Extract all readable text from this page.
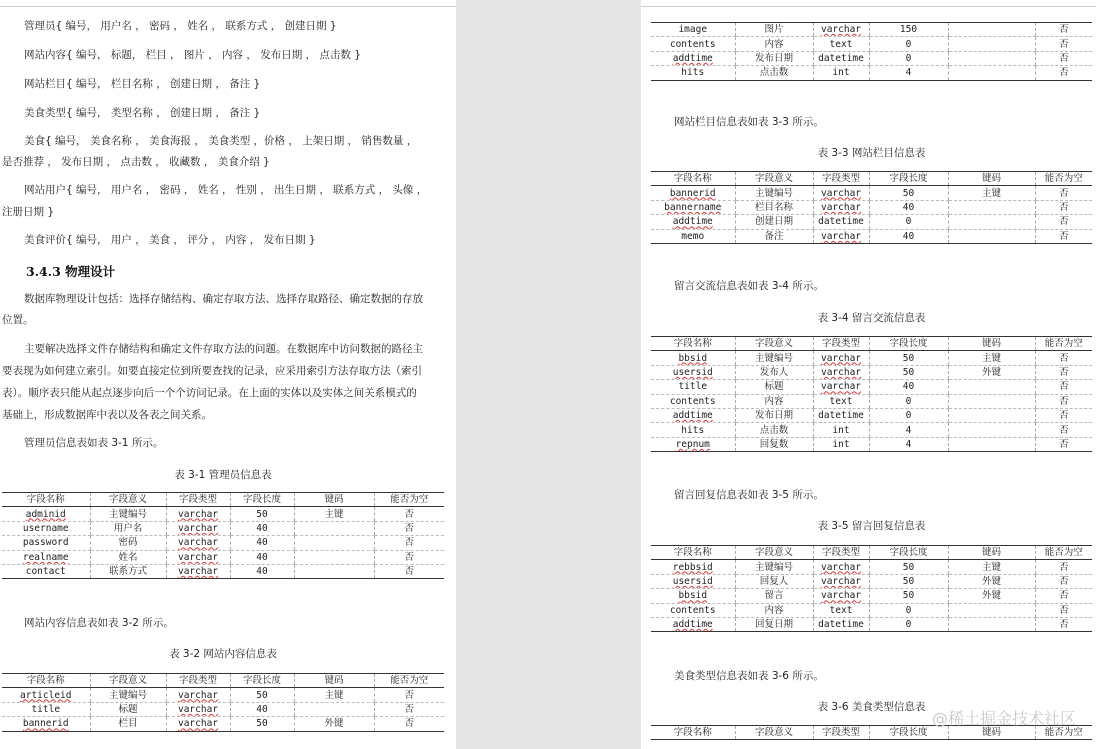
管理员{ 编号， 用户名 ， 密码 ， 姓名 ， 联系方式 ， 创建日期 }
网站内容{ 编号， 标题， 栏目 ， 图片 ， 内容 ， 发布日期 ， 点击数 }
网站栏目{ 编号， 栏目名称 ， 创建日期 ， 备注 }
美食类型{ 编号， 类型名称 ， 创建日期 ， 备注 }
美食{ 编号， 美食名称 ， 美食海报 ， 美食类型 ，价格 ， 上架日期 ， 销售数量 ，
是否推荐 ， 发布日期 ， 点击数 ， 收藏数 ， 美食介绍 }
网站用户{ 编号， 用户名 ， 密码 ， 姓名 ， 性别 ， 出生日期 ， 联系方式 ， 头像 ，
注册日期 }
美食评价{ 编号， 用户 ， 美食 ， 评分 ， 内容 ， 发布日期 }
3.4.3 物理设计
数据库物理设计包括：选择存储结构、确定存取方法、选择存取路径、确定数据的存放
位置。
主要解决选择文件存储结构和确定文件存取方法的问题。在数据库中访问数据的路径主
要表现为如何建立索引。如要直接定位到所要查找的记录，应采用索引方法存取方法（索引
表）。顺序表只能从起点逐步向后一个个访问记录。在上面的实体以及实体之间关系模式的
基础上，形成数据库中表以及各表之间关系。
管理员信息表如表 3-1 所示。
表 3-1 管理员信息表
字段名称	字段意义	字段类型	字段长度	键码	能否为空
adminid	主键编号	varchar	50	主键	否
username	用户名	varchar	40		否
password	密码	varchar	40		否
realname	姓名	varchar	40		否
contact	联系方式	varchar	40		否
网站内容信息表如表 3-2 所示。
表 3-2 网站内容信息表
字段名称	字段意义	字段类型	字段长度	键码	能否为空
articleid	主键编号	varchar	50	主键	否
title	标题	varchar	40		否
bannerid	栏目	varchar	50	外键	否
image	图片	varchar	150		否
contents	内容	text	0		否
addtime	发布日期	datetime	0		否
hits	点击数	int	4		否
网站栏目信息表如表 3-3 所示。
表 3-3 网站栏目信息表
字段名称	字段意义	字段类型	字段长度	键码	能否为空
bannerid	主键编号	varchar	50	主键	否
bannername	栏目名称	varchar	40		否
addtime	创建日期	datetime	0		否
memo	备注	varchar	40		否
留言交流信息表如表 3-4 所示。
表 3-4 留言交流信息表
字段名称	字段意义	字段类型	字段长度	键码	能否为空
bbsid	主键编号	varchar	50	主键	否
usersid	发布人	varchar	50	外键	否
title	标题	varchar	40		否
contents	内容	text	0		否
addtime	发布日期	datetime	0		否
hits	点击数	int	4		否
repnum	回复数	int	4		否
留言回复信息表如表 3-5 所示。
表 3-5 留言回复信息表
字段名称	字段意义	字段类型	字段长度	键码	能否为空
rebbsid	主键编号	varchar	50	主键	否
usersid	回复人	varchar	50	外键	否
bbsid	留言	varchar	50	外键	否
contents	内容	text	0		否
addtime	回复日期	datetime	0		否
美食类型信息表如表 3-6 所示。
表 3-6 美食类型信息表
字段名称	字段意义	字段类型	字段长度	键码	能否为空
@稀土掘金技术社区
